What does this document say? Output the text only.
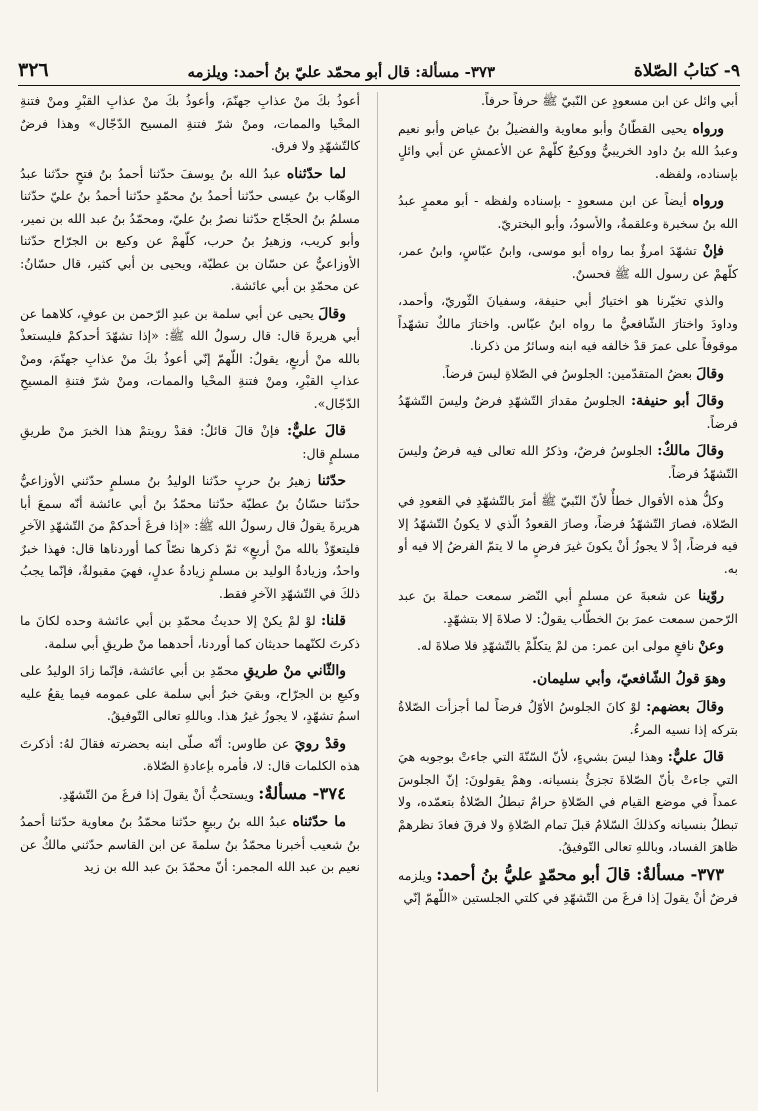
٩- كتابُ الصّلاة
٣٧٣- مسألة: قال أبو محمّد عليّ بنُ أحمد: ويلزمه
٣٢٦

أبي وائل عن ابن مسعودٍ عن النّبيّ ﷺ حرفاً حرفاً.

ورواه يحيى القطّانُ وأبو معاوية والفضيلُ بنُ عياض وأبو نعيم وعبدُ الله بنُ داود الخريبيُّ ووكيعٌ كلّهمْ عن الأعمشِ عن أبي وائلٍ بإسناده، ولفظه.

ورواه أيضاً عن ابن مسعودٍ - بإسناده ولفظه - أبو معمرٍ عبدُ الله بنُ سخبرة وعلقمةُ، والأسودُ، وأبو البختريّ.

فإنْ تشهّدَ امرؤٌ بما رواه أبو موسى، وابنُ عبّاسٍ، وابنُ عمر، كلّهمْ عن رسول الله ﷺ فحسنٌ.

والذي تخيّرنا هو اختيارُ أبي حنيفة، وسفيانَ الثّوريّ، وأحمد، وداودَ واختارَ الشّافعيُّ ما رواه ابنُ عبّاس. واختارَ مالكٌ تشهّداً موقوفاً على عمرَ قدْ خالفه فيه ابنه وسائرُ من ذكرنا.

وقالَ بعضُ المتقدّمين: الجلوسُ في الصّلاةِ ليسَ فرضاً.

وقالَ أبو حنيفة: الجلوسُ مقدارَ التّشهّدِ فرضٌ وليسَ التّشهّدُ فرضاً.

وقالَ مالكٌ: الجلوسُ فرضٌ، وذكرُ الله تعالى فيه فرضٌ وليسَ التّشهّدُ فرضاً.

وكلُّ هذه الأقوال خطأٌ لأنّ النّبيّ ﷺ أمرَ بالتّشهّدِ في القعودِ في الصّلاة، فصارَ التّشهّدُ فرضاً، وصارَ القعودُ الّذي لا يكونُ التّشهّدُ إلا فيه فرضاً، إذْ لا يجوزُ أنْ يكونَ غيرَ فرضٍ ما لا يتمّ الفرضُ إلا فيه أو به.

روّينا عن شعبةَ عن مسلمٍ أبي النّضر سمعت حملةَ بنَ عبد الرّحمن سمعت عمرَ بنَ الخطّاب يقولُ: لا صلاةَ إلا بتشهّدٍ.

وعنْ نافعٍ مولى ابن عمر: من لمْ يتكلّمْ بالتّشهّدِ فلا صلاةَ له.

وهوَ قولُ الشّافعيّ، وأبي سليمان.

وقالَ بعضهم: لوْ كانَ الجلوسُ الأوّلُ فرضاً لما أجزأت الصّلاةُ بتركه إذا نسيه المرءُ.

قالَ عليٌّ: وهذا ليسَ بشيءٍ، لأنّ السّنّةَ التي جاءتْ بوجوبه هيَ التي جاءتْ بأنّ الصّلاةَ تجزئُ بنسيانه. وهمْ يقولونَ: إنّ الجلوسَ عمداً في موضع القيام في الصّلاةِ حرامٌ تبطلُ الصّلاةُ بتعمّده، ولا تبطلُ بنسيانه وكذلكَ السّلامُ قبلَ تمام الصّلاةِ ولا فرقَ فعادَ نظرهمْ ظاهرَ الفساد، وباللهِ تعالى التّوفيقُ.

٣٧٣- مسألةٌ: قالَ أبو محمّدٍ عليُّ بنُ أحمد: ويلزمه فرضٌ أنْ يقولَ إذا فرغَ من التّشهّدِ في كلتي الجلستين «اللّهمّ إنّي

أعوذُ بكَ منْ عذابِ جهنّمَ، وأعوذُ بكَ منْ عذابِ القبْرِ ومنْ فتنةِ المحْيا والممات، ومنْ شرّ فتنةِ المسيح الدّجّال» وهذا فرضٌ كالتّشهّدِ ولا فرق.

لما حدّثناه عبدُ الله بنُ يوسفَ حدّثنا أحمدُ بنُ فتحٍ حدّثنا عبدُ الوهّاب بنُ عيسى حدّثنا أحمدُ بنُ محمّدٍ حدّثنا أحمدُ بنُ عليّ حدّثنا مسلمُ بنُ الحجّاج حدّثنا نصرُ بنُ عليّ، ومحمّدُ بنُ عبد الله بن نمير، وأبو كريب، وزهيرُ بنُ حرب، كلّهمْ عن وكيع بن الجرّاح حدّثنا الأوزاعيُّ عن حسّان بن عطيّة، ويحيى بن أبي كثير، قال حسّانُ: عن محمّدِ بن أبي عائشة.

وقالَ يحيى عن أبي سلمة بن عبدِ الرّحمن بن عوفٍ، كلاهما عن أبي هريرةَ قال: قال رسولُ الله ﷺ: «إذا تشهّدَ أحدكمْ فليستعذْ بالله منْ أربعٍ، يقولُ: اللّهمّ إنّي أعوذُ بكَ منْ عذابِ جهنّمَ، ومنْ عذابِ القبْرِ، ومنْ فتنةِ المحْيا والممات، ومنْ شرّ فتنةِ المسيحِ الدّجّال».

قالَ عليٌّ: فإنْ قالَ قائلٌ: فقدْ رويتمْ هذا الخبرَ منْ طريقِ مسلمٍ قال:

حدّثنا زهيرُ بنُ حربٍ حدّثنا الوليدُ بنُ مسلمٍ حدّثني الأوزاعيُّ حدّثنا حسّانُ بنُ عطيّة حدّثنا محمّدُ بنُ أبي عائشة أنّه سمعَ أبا هريرةَ يقولُ قال رسولُ الله ﷺ: «إذا فرغَ أحدكمْ منَ التّشهّدِ الآخرِ فليتعوّذْ بالله منْ أربعٍ» ثمّ ذكرها نصّاً كما أوردناها قال: فهذا خبرٌ واحدٌ، وزيادةُ الوليد بن مسلمٍ زيادةُ عدلٍ، فهيَ مقبولةٌ، فإنّما يجبُ ذلكَ في التّشهّدِ الآخرِ فقط.

قلنا: لوْ لمْ يكنْ إلا حديثُ محمّدِ بن أبي عائشة وحده لكانَ ما ذكرتَ لكنّهما حديثان كما أوردنا، أحدهما منْ طريقِ أبي سلمة.

والثّاني منْ طريقِ محمّدِ بن أبي عائشة، فإنّما زادَ الوليدُ على وكيعِ بن الجرّاح، وبقيَ خبرُ أبي سلمة على عمومه فيما يقعُ عليه اسمُ تشهّدٍ، لا يجوزُ غيرُ هذا. وباللهِ تعالى التّوفيقُ.

وقدْ رويَ عن طاوس: أنّه صلّى ابنه بحضرته فقالَ لهُ: أذكرتَ هذه الكلمات قال: لا، فأمره بإعادةِ الصّلاة.

٣٧٤- مسألةٌ: ويستحبُّ أنْ يقولَ إذا فرغَ منَ التّشهّدِ.

ما حدّثناه عبدُ الله بنُ ربيعٍ حدّثنا محمّدُ بنُ معاوية حدّثنا أحمدُ بنُ شعيب أخبرنا محمّدُ بنُ سلمةَ عن ابن القاسم حدّثني مالكٌ عن نعيم بن عبد الله المجمر: أنّ محمّدَ بنَ عبد الله بن زيد
